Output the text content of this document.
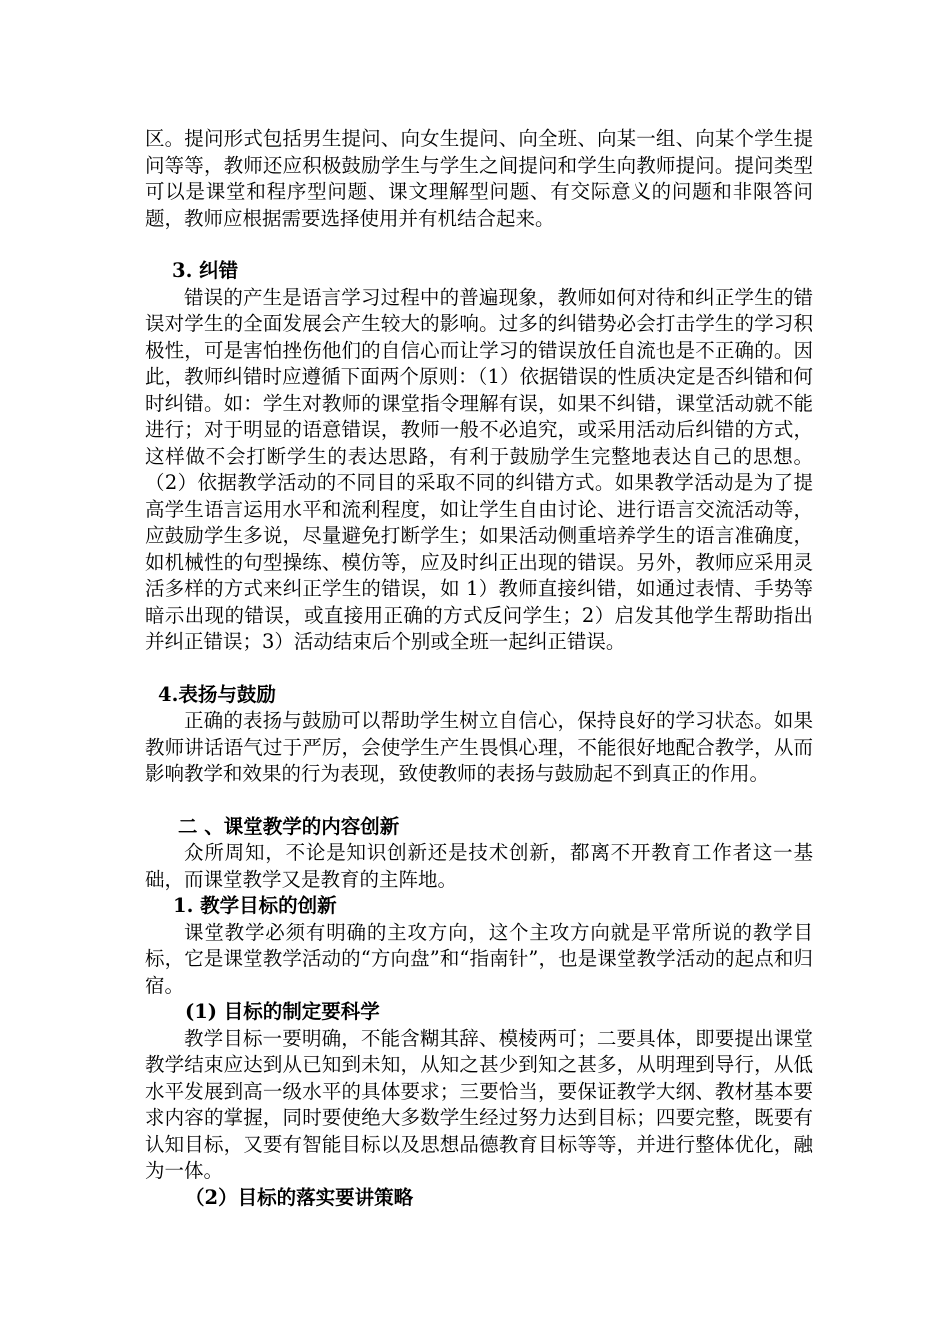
区。提问形式包括男生提问、向女生提问、向全班、向某一组、向某个学生提问等等，教师还应积极鼓励学生与学生之间提问和学生向教师提问。提问类型可以是课堂和程序型问题、课文理解型问题、有交际意义的问题和非限答问题，教师应根据需要选择使用并有机结合起来。

3. 纠错

错误的产生是语言学习过程中的普遍现象，教师如何对待和纠正学生的错误对学生的全面发展会产生较大的影响。过多的纠错势必会打击学生的学习积极性，可是害怕挫伤他们的自信心而让学习的错误放任自流也是不正确的。因此，教师纠错时应遵循下面两个原则：（1）依据错误的性质决定是否纠错和何时纠错。如：学生对教师的课堂指令理解有误，如果不纠错，课堂活动就不能进行；对于明显的语意错误，教师一般不必追究，或采用活动后纠错的方式，这样做不会打断学生的表达思路，有利于鼓励学生完整地表达自己的思想。（2）依据教学活动的不同目的采取不同的纠错方式。如果教学活动是为了提高学生语言运用水平和流利程度，如让学生自由讨论、进行语言交流活动等，应鼓励学生多说，尽量避免打断学生；如果活动侧重培养学生的语言准确度，如机械性的句型操练、模仿等，应及时纠正出现的错误。另外，教师应采用灵活多样的方式来纠正学生的错误，如 1）教师直接纠错，如通过表情、手势等暗示出现的错误，或直接用正确的方式反问学生；2）启发其他学生帮助指出并纠正错误；3）活动结束后个别或全班一起纠正错误。

4.表扬与鼓励

正确的表扬与鼓励可以帮助学生树立自信心，保持良好的学习状态。如果教师讲话语气过于严厉，会使学生产生畏惧心理，不能很好地配合教学，从而影响教学和效果的行为表现，致使教师的表扬与鼓励起不到真正的作用。

二 、课堂教学的内容创新

众所周知，不论是知识创新还是技术创新，都离不开教育工作者这一基础，而课堂教学又是教育的主阵地。

1. 教学目标的创新

课堂教学必须有明确的主攻方向，这个主攻方向就是平常所说的教学目标，它是课堂教学活动的“方向盘”和“指南针”，也是课堂教学活动的起点和归宿。

(1) 目标的制定要科学

教学目标一要明确，不能含糊其辞、模棱两可；二要具体，即要提出课堂教学结束应达到从已知到未知，从知之甚少到知之甚多，从明理到导行，从低水平发展到高一级水平的具体要求；三要恰当，要保证教学大纲、教材基本要求内容的掌握，同时要使绝大多数学生经过努力达到目标；四要完整，既要有认知目标，又要有智能目标以及思想品德教育目标等等，并进行整体优化，融为一体。

（2）目标的落实要讲策略
